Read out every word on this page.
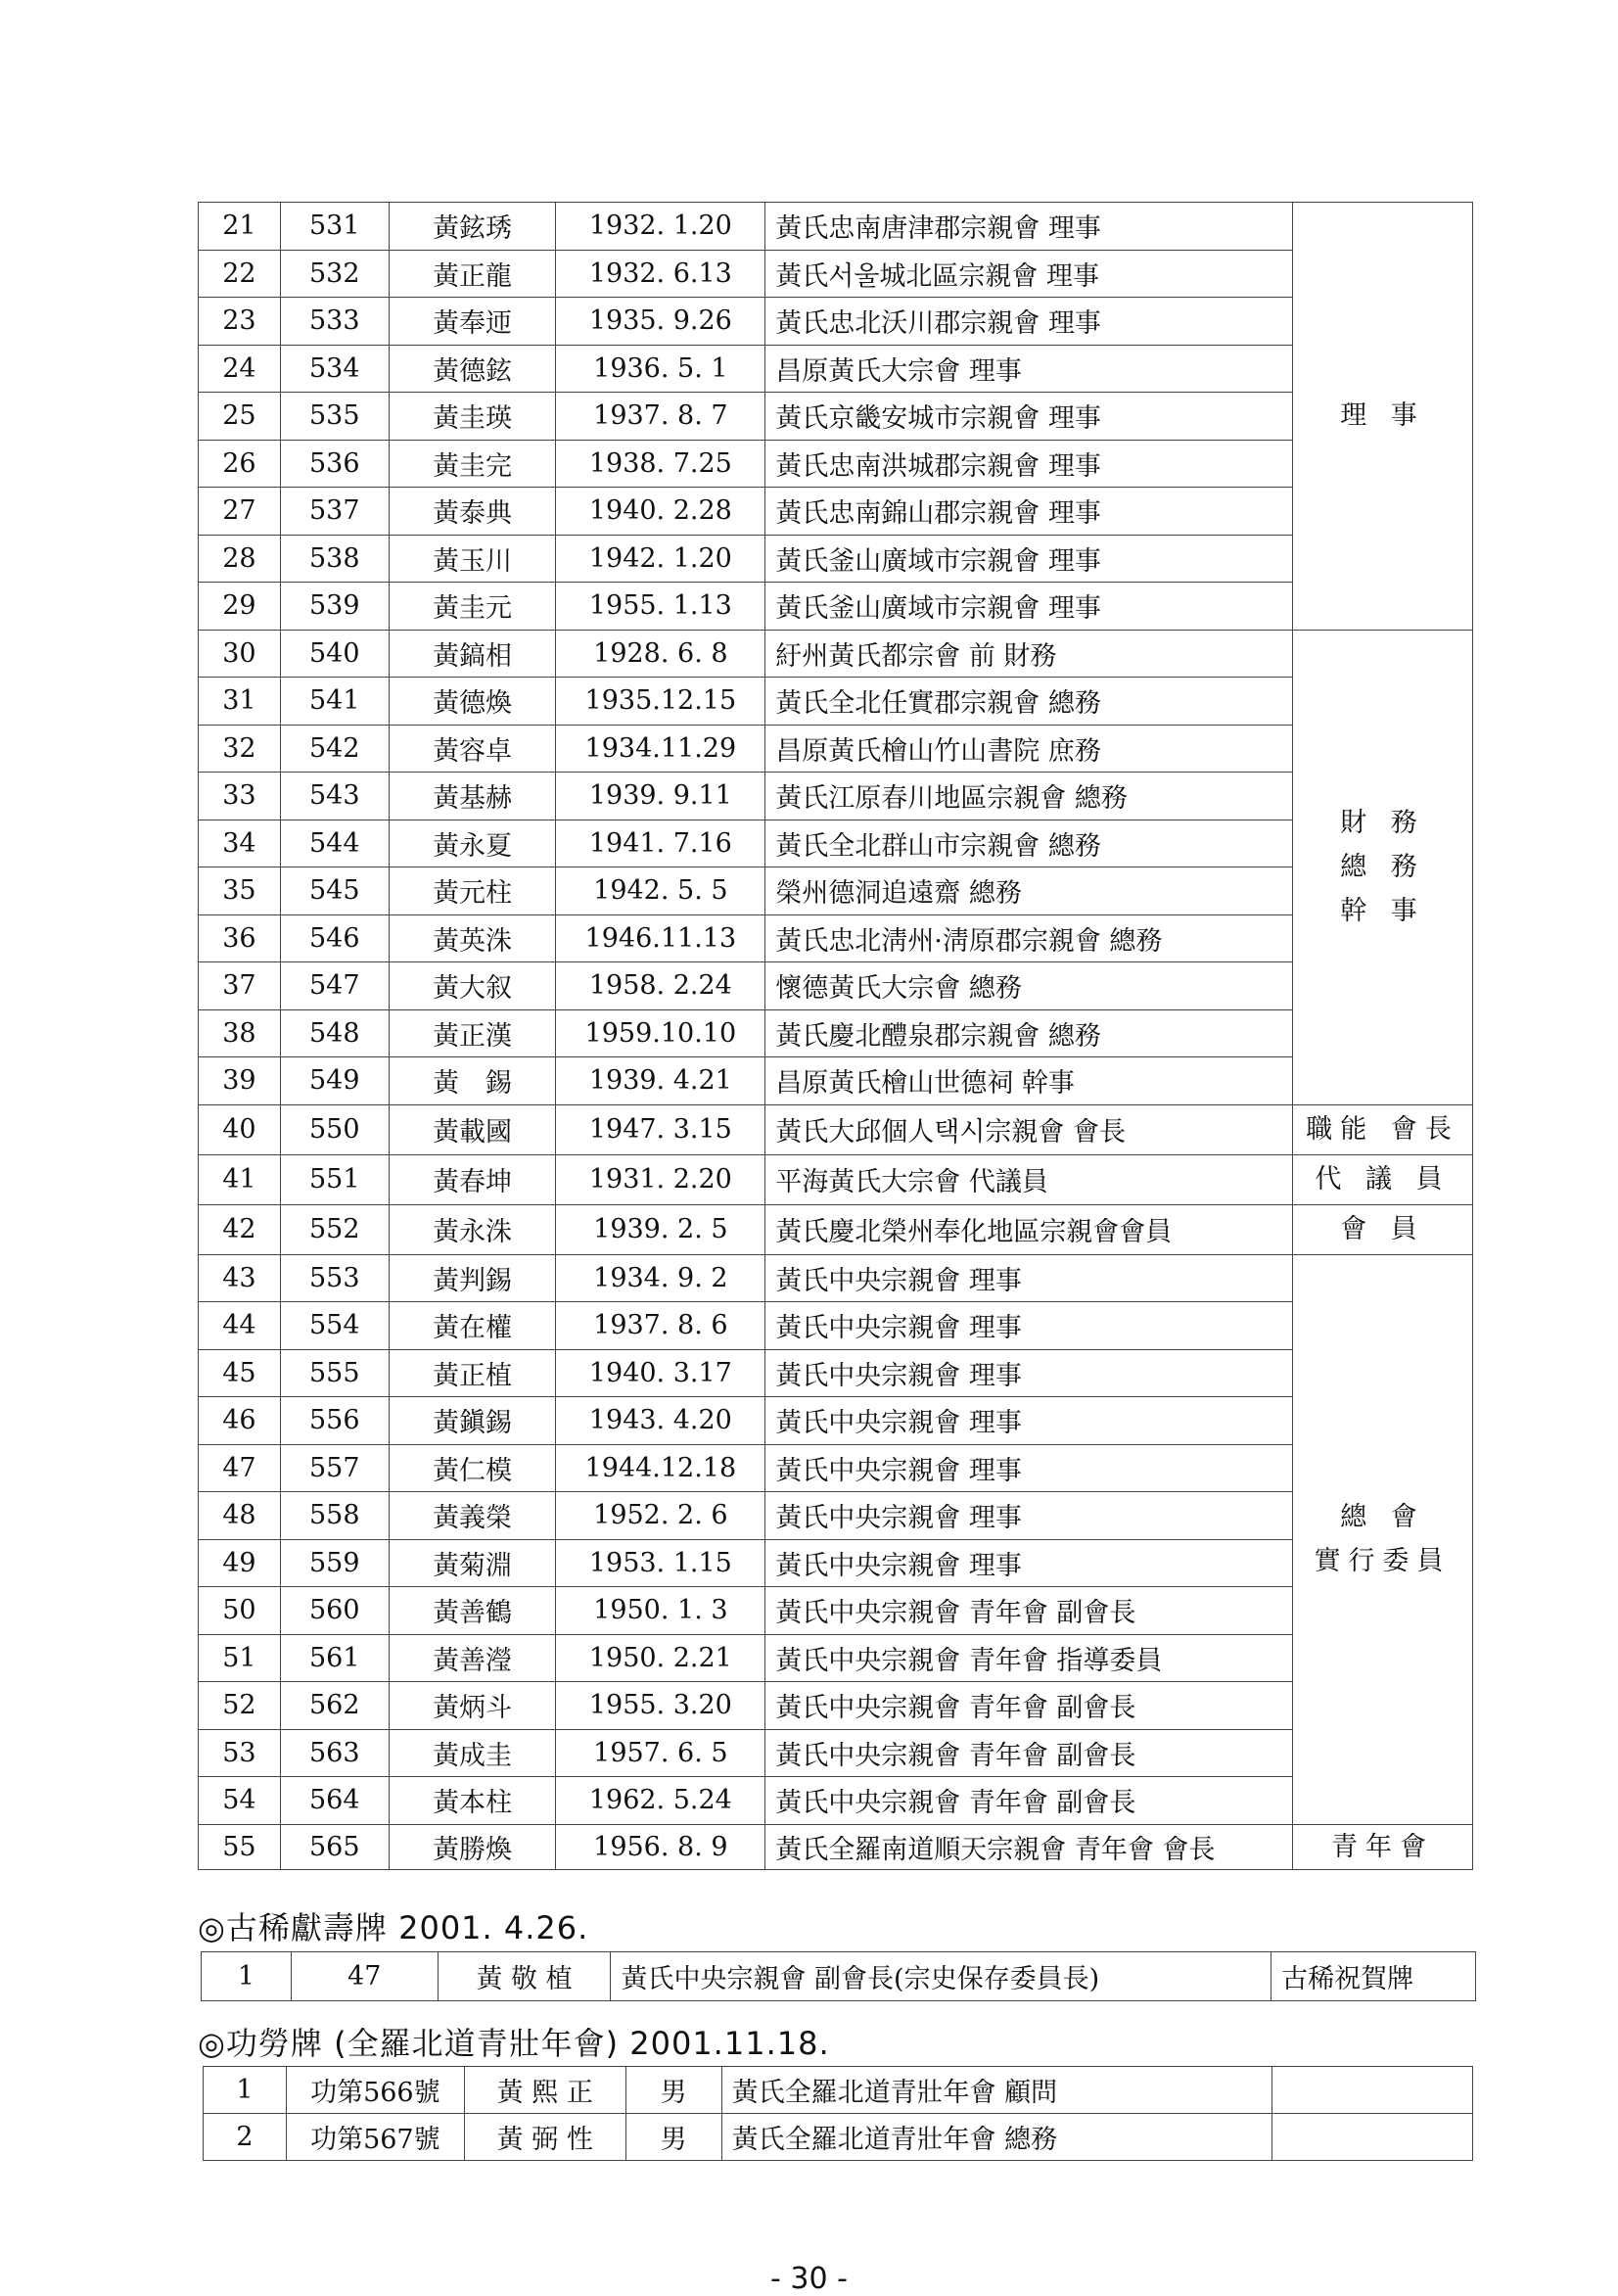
21	531	黃鉉琇	1932. 1.20	黃氏忠南唐津郡宗親會 理事	理 事

22	532	黃正龍	1932. 6.13	黃氏서울城北區宗親會 理事	
23	533	黃奉迊	1935. 9.26	黃氏忠北沃川郡宗親會 理事	
24	534	黃德鉉	1936. 5. 1	昌原黃氏大宗會 理事	
25	535	黃圭瑛	1937. 8. 7	黃氏京畿安城市宗親會 理事	
26	536	黃圭完	1938. 7.25	黃氏忠南洪城郡宗親會 理事	
27	537	黃泰典	1940. 2.28	黃氏忠南錦山郡宗親會 理事	
28	538	黃玉川	1942. 1.20	黃氏釜山廣域市宗親會 理事	
29	539	黃圭元	1955. 1.13	黃氏釜山廣域市宗親會 理事	
30	540	黃鎬相	1928. 6. 8	紆州黃氏都宗會 前 財務	財 務
總 務
幹 事

31	541	黃德煥	1935.12.15	黃氏全北任實郡宗親會 總務	
32	542	黃容卓	1934.11.29	昌原黃氏檜山竹山書院 庶務	
33	543	黃基赫	1939. 9.11	黃氏江原春川地區宗親會 總務	
34	544	黃永夏	1941. 7.16	黃氏全北群山市宗親會 總務	
35	545	黃元柱	1942. 5. 5	榮州德洞追遠齋 總務	
36	546	黃英洙	1946.11.13	黃氏忠北淸州·淸原郡宗親會 總務	
37	547	黃大叙	1958. 2.24	懷德黃氏大宗會 總務	
38	548	黃正漢	1959.10.10	黃氏慶北醴泉郡宗親會 總務	
39	549	黃　錫	1939. 4.21	昌原黃氏檜山世德祠 幹事	
40	550	黃載國	1947. 3.15	黃氏大邱個人택시宗親會 會長	職能 會長

41	551	黃春坤	1931. 2.20	平海黃氏大宗會 代議員	代 議 員

42	552	黃永洙	1939. 2. 5	黃氏慶北榮州奉化地區宗親會會員	會 員

43	553	黃判錫	1934. 9. 2	黃氏中央宗親會 理事	總 會
實行委員

44	554	黃在權	1937. 8. 6	黃氏中央宗親會 理事	
45	555	黃正植	1940. 3.17	黃氏中央宗親會 理事	
46	556	黃鎭錫	1943. 4.20	黃氏中央宗親會 理事	
47	557	黃仁模	1944.12.18	黃氏中央宗親會 理事	
48	558	黃義榮	1952. 2. 6	黃氏中央宗親會 理事	
49	559	黃菊淵	1953. 1.15	黃氏中央宗親會 理事	
50	560	黃善鶴	1950. 1. 3	黃氏中央宗親會 青年會 副會長	
51	561	黃善瀅	1950. 2.21	黃氏中央宗親會 青年會 指導委員	
52	562	黃炳斗	1955. 3.20	黃氏中央宗親會 青年會 副會長	
53	563	黃成圭	1957. 6. 5	黃氏中央宗親會 青年會 副會長	
54	564	黃本柱	1962. 5.24	黃氏中央宗親會 青年會 副會長	
55	565	黃勝煥	1956. 8. 9	黃氏全羅南道順天宗親會 青年會 會長	青年會
◎古稀獻壽牌 2001. 4.26.
1	47	黃 敬 植	黃氏中央宗親會 副會長(宗史保存委員長)	古稀祝賀牌
◎功勞牌 (全羅北道青壯年會) 2001.11.18.
1	功第566號	黃 熙 正	男	黃氏全羅北道青壯年會 顧問	
2	功第567號	黃 弼 性	男	黃氏全羅北道青壯年會 總務	
- 30 -
